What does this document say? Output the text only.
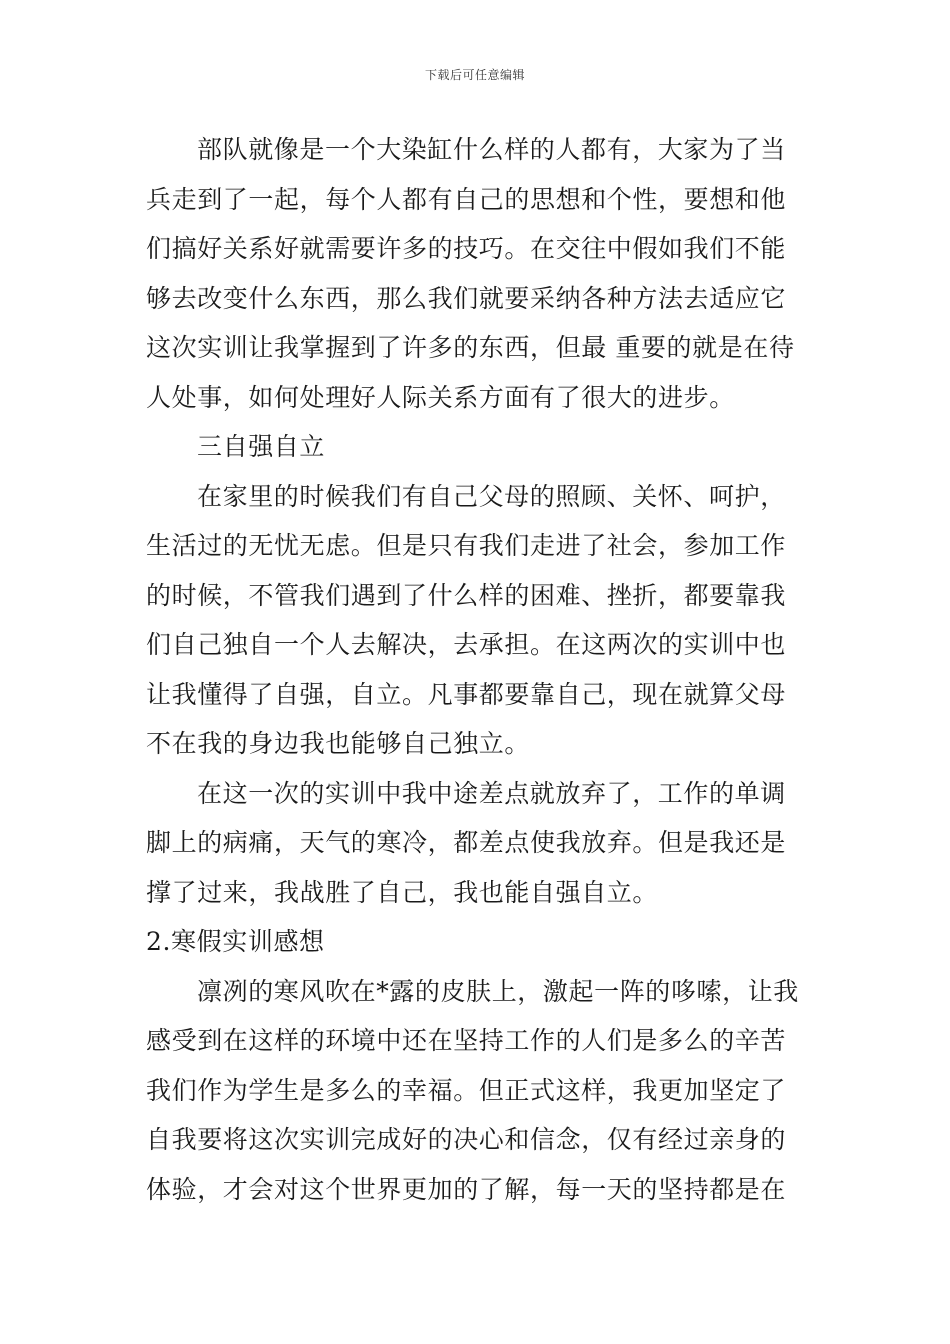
下载后可任意编辑
部队就像是一个大染缸什么样的人都有，大家为了当
兵走到了一起，每个人都有自己的思想和个性，要想和他
们搞好关系好就需要许多的技巧。在交往中假如我们不能
够去改变什么东西，那么我们就要采纳各种方法去适应它
这次实训让我掌握到了许多的东西，但最 重要的就是在待
人处事，如何处理好人际关系方面有了很大的进步。
三自强自立
在家里的时候我们有自己父母的照顾、关怀、呵护，
生活过的无忧无虑。但是只有我们走进了社会，参加工作
的时候，不管我们遇到了什么样的困难、挫折，都要靠我
们自己独自一个人去解决，去承担。在这两次的实训中也
让我懂得了自强，自立。凡事都要靠自己，现在就算父母
不在我的身边我也能够自己独立。
在这一次的实训中我中途差点就放弃了，工作的单调
脚上的病痛，天气的寒冷，都差点使我放弃。但是我还是
撑了过来，我战胜了自己，我也能自强自立。
2.寒假实训感想
凛冽的寒风吹在*露的皮肤上，激起一阵的哆嗦，让我
感受到在这样的环境中还在坚持工作的人们是多么的辛苦
我们作为学生是多么的幸福。但正式这样，我更加坚定了
自我要将这次实训完成好的决心和信念，仅有经过亲身的
体验，才会对这个世界更加的了解，每一天的坚持都是在
